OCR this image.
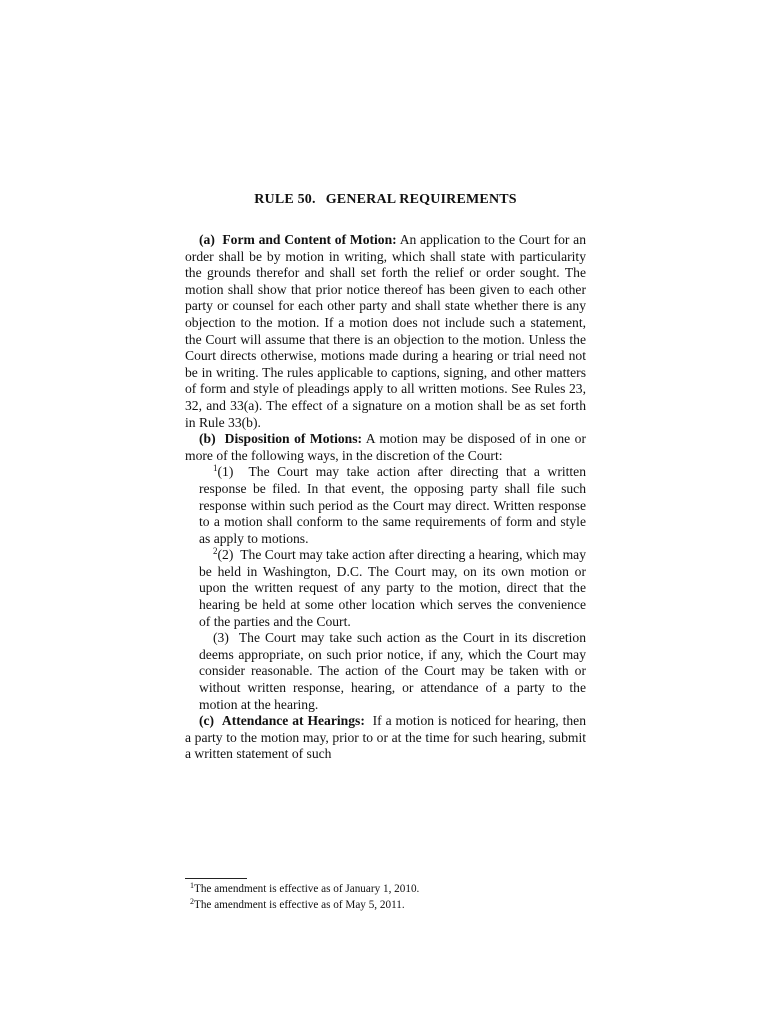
RULE 50. GENERAL REQUIREMENTS

(a) Form and Content of Motion: An application to the Court for an order shall be by motion in writing, which shall state with particularity the grounds therefor and shall set forth the relief or order sought. The motion shall show that prior notice thereof has been given to each other party or counsel for each other party and shall state whether there is any objection to the motion. If a motion does not include such a statement, the Court will assume that there is an objection to the motion. Unless the Court directs otherwise, motions made during a hearing or trial need not be in writing. The rules applicable to captions, signing, and other matters of form and style of pleadings apply to all written motions. See Rules 23, 32, and 33(a). The effect of a signature on a motion shall be as set forth in Rule 33(b).

(b) Disposition of Motions: A motion may be disposed of in one or more of the following ways, in the discretion of the Court:

$^1$(1) The Court may take action after directing that a written response be filed. In that event, the opposing party shall file such response within such period as the Court may direct. Written response to a motion shall conform to the same requirements of form and style as apply to motions.

$^2$(2) The Court may take action after directing a hearing, which may be held in Washington, D.C. The Court may, on its own motion or upon the written request of any party to the motion, direct that the hearing be held at some other location which serves the convenience of the parties and the Court.

(3) The Court may take such action as the Court in its discretion deems appropriate, on such prior notice, if any, which the Court may consider reasonable. The action of the Court may be taken with or without written response, hearing, or attendance of a party to the motion at the hearing.

(c) Attendance at Hearings: If a motion is noticed for hearing, then a party to the motion may, prior to or at the time for such hearing, submit a written statement of such

$^1$The amendment is effective as of January 1, 2010.
$^2$The amendment is effective as of May 5, 2011.
